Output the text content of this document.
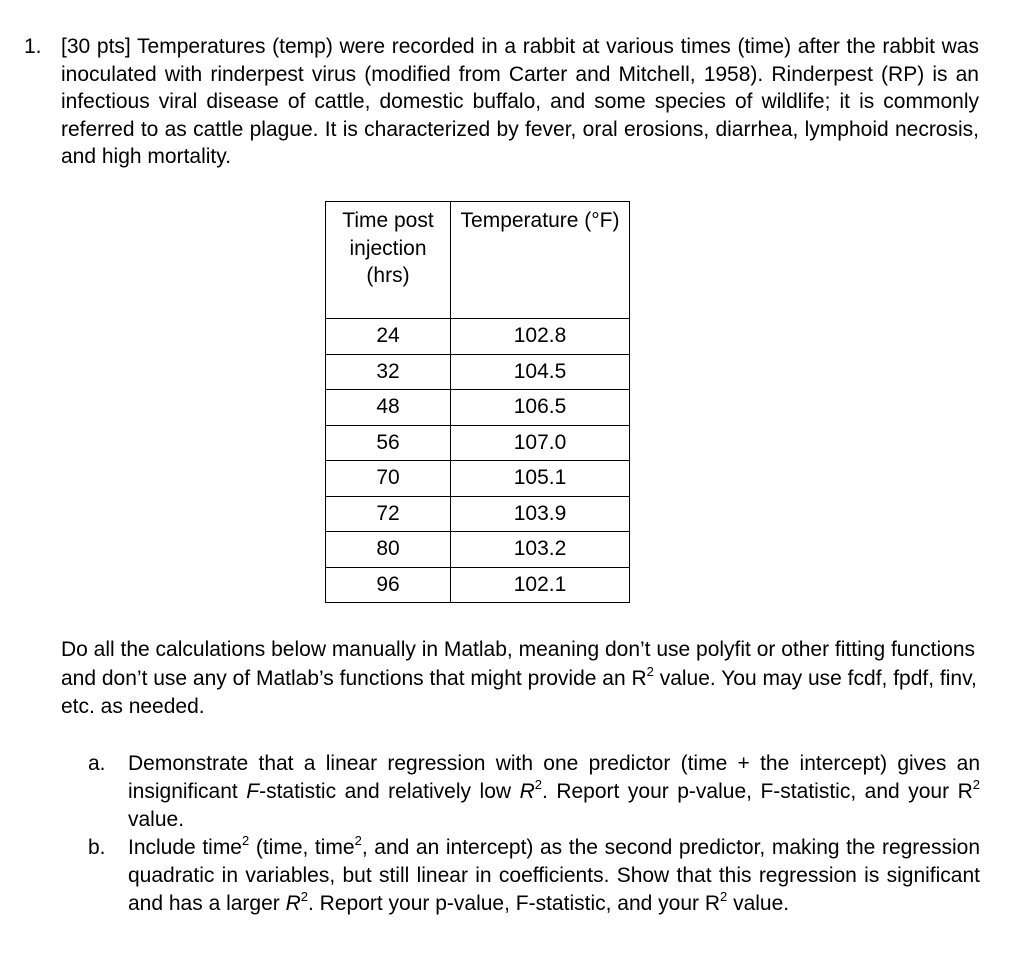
1. [30 pts] Temperatures (temp) were recorded in a rabbit at various times (time) after the rabbit was inoculated with rinderpest virus (modified from Carter and Mitchell, 1958). Rinderpest (RP) is an infectious viral disease of cattle, domestic buffalo, and some species of wildlife; it is commonly referred to as cattle plague. It is characterized by fever, oral erosions, diarrhea, lymphoid necrosis, and high mortality.
Time post injection (hrs)	Temperature (°F)
24	102.8
32	104.5
48	106.5
56	107.0
70	105.1
72	103.9
80	103.2
96	102.1
Do all the calculations below manually in Matlab, meaning don’t use polyfit or other fitting functions and don’t use any of Matlab’s functions that might provide an $R^2$ value. You may use fcdf, fpdf, finv, etc. as needed.
a. Demonstrate that a linear regression with one predictor (time + the intercept) gives an insignificant F-statistic and relatively low $R^2$. Report your p-value, F-statistic, and your $R^2$ value.
b. Include time$^2$ (time, time$^2$, and an intercept) as the second predictor, making the regression quadratic in variables, but still linear in coefficients. Show that this regression is significant and has a larger $R^2$. Report your p-value, F-statistic, and your $R^2$ value.
